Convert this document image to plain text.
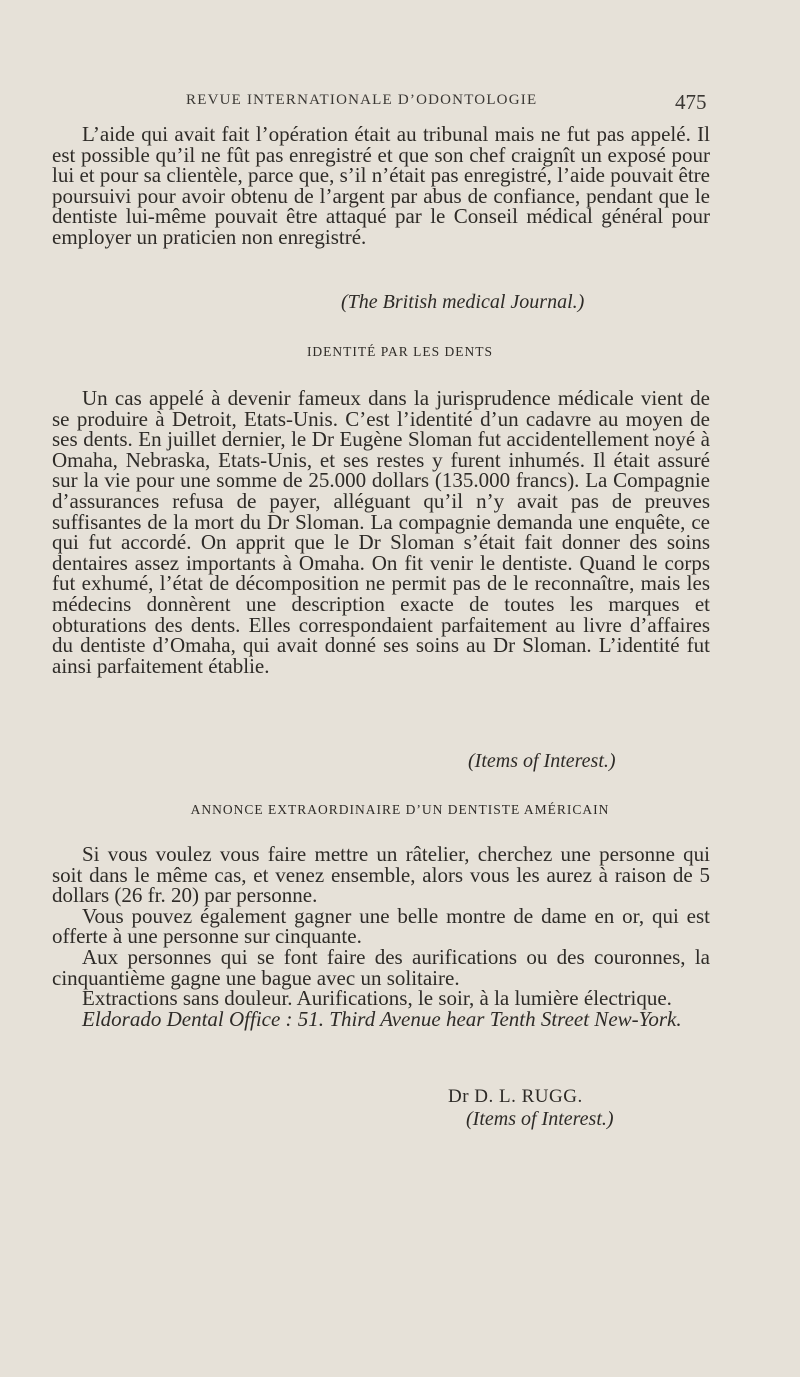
REVUE INTERNATIONALE D’ODONTOLOGIE	475

L’aide qui avait fait l’opération était au tribunal mais ne fut pas appelé. Il est possible qu’il ne fût pas enregistré et que son chef craignît un exposé pour lui et pour sa clientèle, parce que, s’il n’était pas enregistré, l’aide pouvait être poursuivi pour avoir obtenu de l’argent par abus de confiance, pendant que le dentiste lui-même pouvait être attaqué par le Conseil médical général pour employer un praticien non enregistré.

(The British medical Journal.)
IDENTITÉ PAR LES DENTS

Un cas appelé à devenir fameux dans la jurisprudence médicale vient de se produire à Detroit, Etats-Unis. C’est l’identité d’un cadavre au moyen de ses dents. En juillet dernier, le Dr Eugène Sloman fut accidentellement noyé à Omaha, Nebraska, Etats-Unis, et ses restes y furent inhumés. Il était assuré sur la vie pour une somme de 25.000 dollars (135.000 francs). La Compagnie d’assurances refusa de payer, alléguant qu’il n’y avait pas de preuves suffisantes de la mort du Dr Sloman. La compagnie demanda une enquête, ce qui fut accordé. On apprit que le Dr Sloman s’était fait donner des soins dentaires assez importants à Omaha. On fit venir le dentiste. Quand le corps fut exhumé, l’état de décomposition ne permit pas de le reconnaître, mais les médecins donnèrent une description exacte de toutes les marques et obturations des dents. Elles correspondaient parfaitement au livre d’affaires du dentiste d’Omaha, qui avait donné ses soins au Dr Sloman. L’identité fut ainsi parfaitement établie.

(Items of Interest.)
ANNONCE EXTRAORDINAIRE D’UN DENTISTE AMÉRICAIN

Si vous voulez vous faire mettre un râtelier, cherchez une personne qui soit dans le même cas, et venez ensemble, alors vous les aurez à raison de 5 dollars (26 fr. 20) par personne.

Vous pouvez également gagner une belle montre de dame en or, qui est offerte à une personne sur cinquante.

Aux personnes qui se font faire des aurifications ou des couronnes, la cinquantième gagne une bague avec un solitaire.

Extractions sans douleur. Aurifications, le soir, à la lumière électrique.

Eldorado Dental Office : 51. Third Avenue hear Tenth Street New-York.

Dr D. L. RUGG.
(Items of Interest.)
